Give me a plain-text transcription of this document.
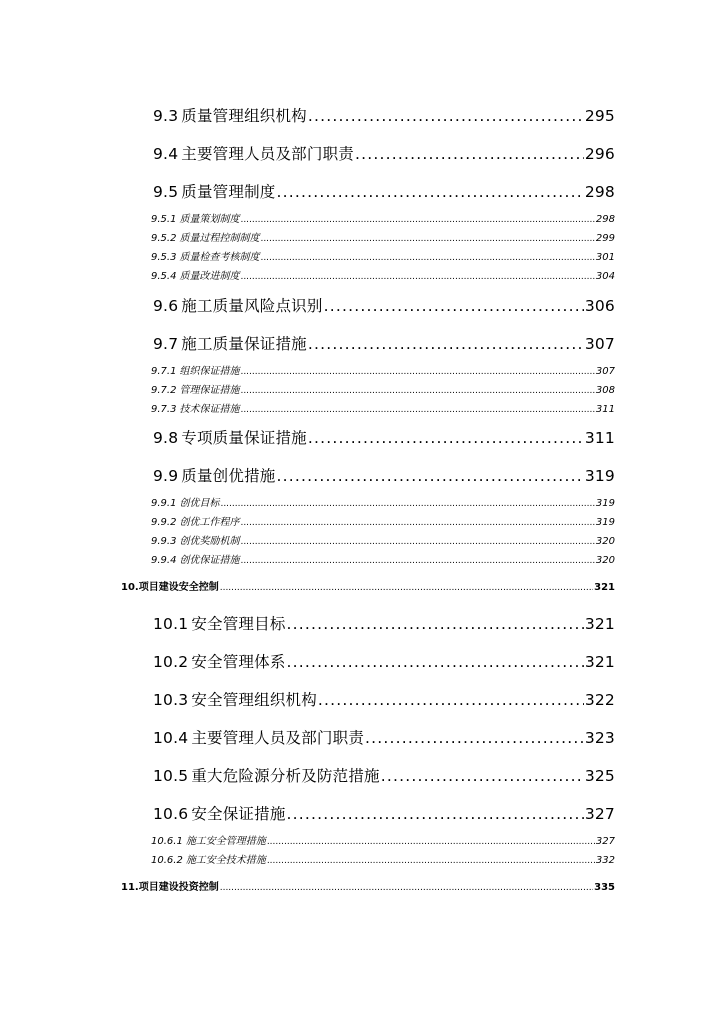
9.3 质量管理组织机构 .....	295
9.4 主要管理人员及部门职责 .....	296
9.5 质量管理制度 .....	298
9.5.1 质量策划制度 .....	298
9.5.2 质量过程控制制度 .....	299
9.5.3 质量检查考核制度 .....	301
9.5.4 质量改进制度 .....	304
9.6 施工质量风险点识别 .....	306
9.7 施工质量保证措施 .....	307
9.7.1 组织保证措施 .....	307
9.7.2 管理保证措施 .....	308
9.7.3 技术保证措施 .....	311
9.8 专项质量保证措施 .....	311
9.9 质量创优措施 .....	319
9.9.1 创优目标 .....	319
9.9.2 创优工作程序 .....	319
9.9.3 创优奖励机制 .....	320
9.9.4 创优保证措施 .....	320
10. 项目建设安全控制 .....	321
10.1 安全管理目标 .....	321
10.2 安全管理体系 .....	321
10.3 安全管理组织机构 .....	322
10.4 主要管理人员及部门职责 .....	323
10.5 重大危险源分析及防范措施 .....	325
10.6 安全保证措施 .....	327
10.6.1 施工安全管理措施 .....	327
10.6.2 施工安全技术措施 .....	332
11. 项目建设投资控制 .....	335
